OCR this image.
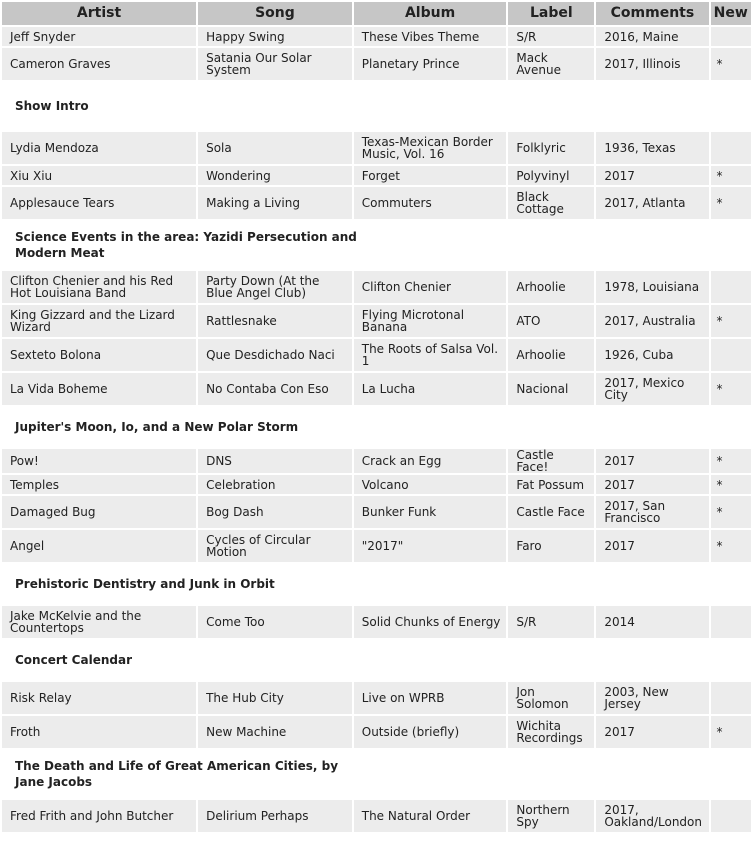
Artist	Song	Album	Label	Comments	New
Jeff Snyder	Happy Swing	These Vibes Theme	S/R	2016, Maine	
Cameron Graves	Satania Our Solar System	Planetary Prince	Mack Avenue	2017, Illinois	*

Show Intro					

Lydia Mendoza	Sola	Texas-Mexican Border Music, Vol. 16	Folklyric	1936, Texas	
Xiu Xiu	Wondering	Forget	Polyvinyl	2017	*
Applesauce Tears	Making a Living	Commuters	Black Cottage	2017, Atlanta	*

Science Events in the area: Yazidi Persecution and Modern Meat					

Clifton Chenier and his Red Hot Louisiana Band	Party Down (At the Blue Angel Club)	Clifton Chenier	Arhoolie	1978, Louisiana	
King Gizzard and the Lizard Wizard	Rattlesnake	Flying Microtonal Banana	ATO	2017, Australia	*
Sexteto Bolona	Que Desdichado Naci	The Roots of Salsa Vol. 1	Arhoolie	1926, Cuba	
La Vida Boheme	No Contaba Con Eso	La Lucha	Nacional	2017, Mexico City	*

Jupiter's Moon, Io, and a New Polar Storm					

Pow!	DNS	Crack an Egg	Castle Face!	2017	*
Temples	Celebration	Volcano	Fat Possum	2017	*
Damaged Bug	Bog Dash	Bunker Funk	Castle Face	2017, San Francisco	*
Angel	Cycles of Circular Motion	"2017"	Faro	2017	*

Prehistoric Dentistry and Junk in Orbit					

Jake McKelvie and the Countertops	Come Too	Solid Chunks of Energy	S/R	2014	

Concert Calendar					

Risk Relay	The Hub City	Live on WPRB	Jon Solomon	2003, New Jersey	
Froth	New Machine	Outside (briefly)	Wichita Recordings	2017	*

The Death and Life of Great American Cities, by Jane Jacobs					

Fred Frith and John Butcher	Delirium Perhaps	The Natural Order	Northern Spy	2017, Oakland/London	
